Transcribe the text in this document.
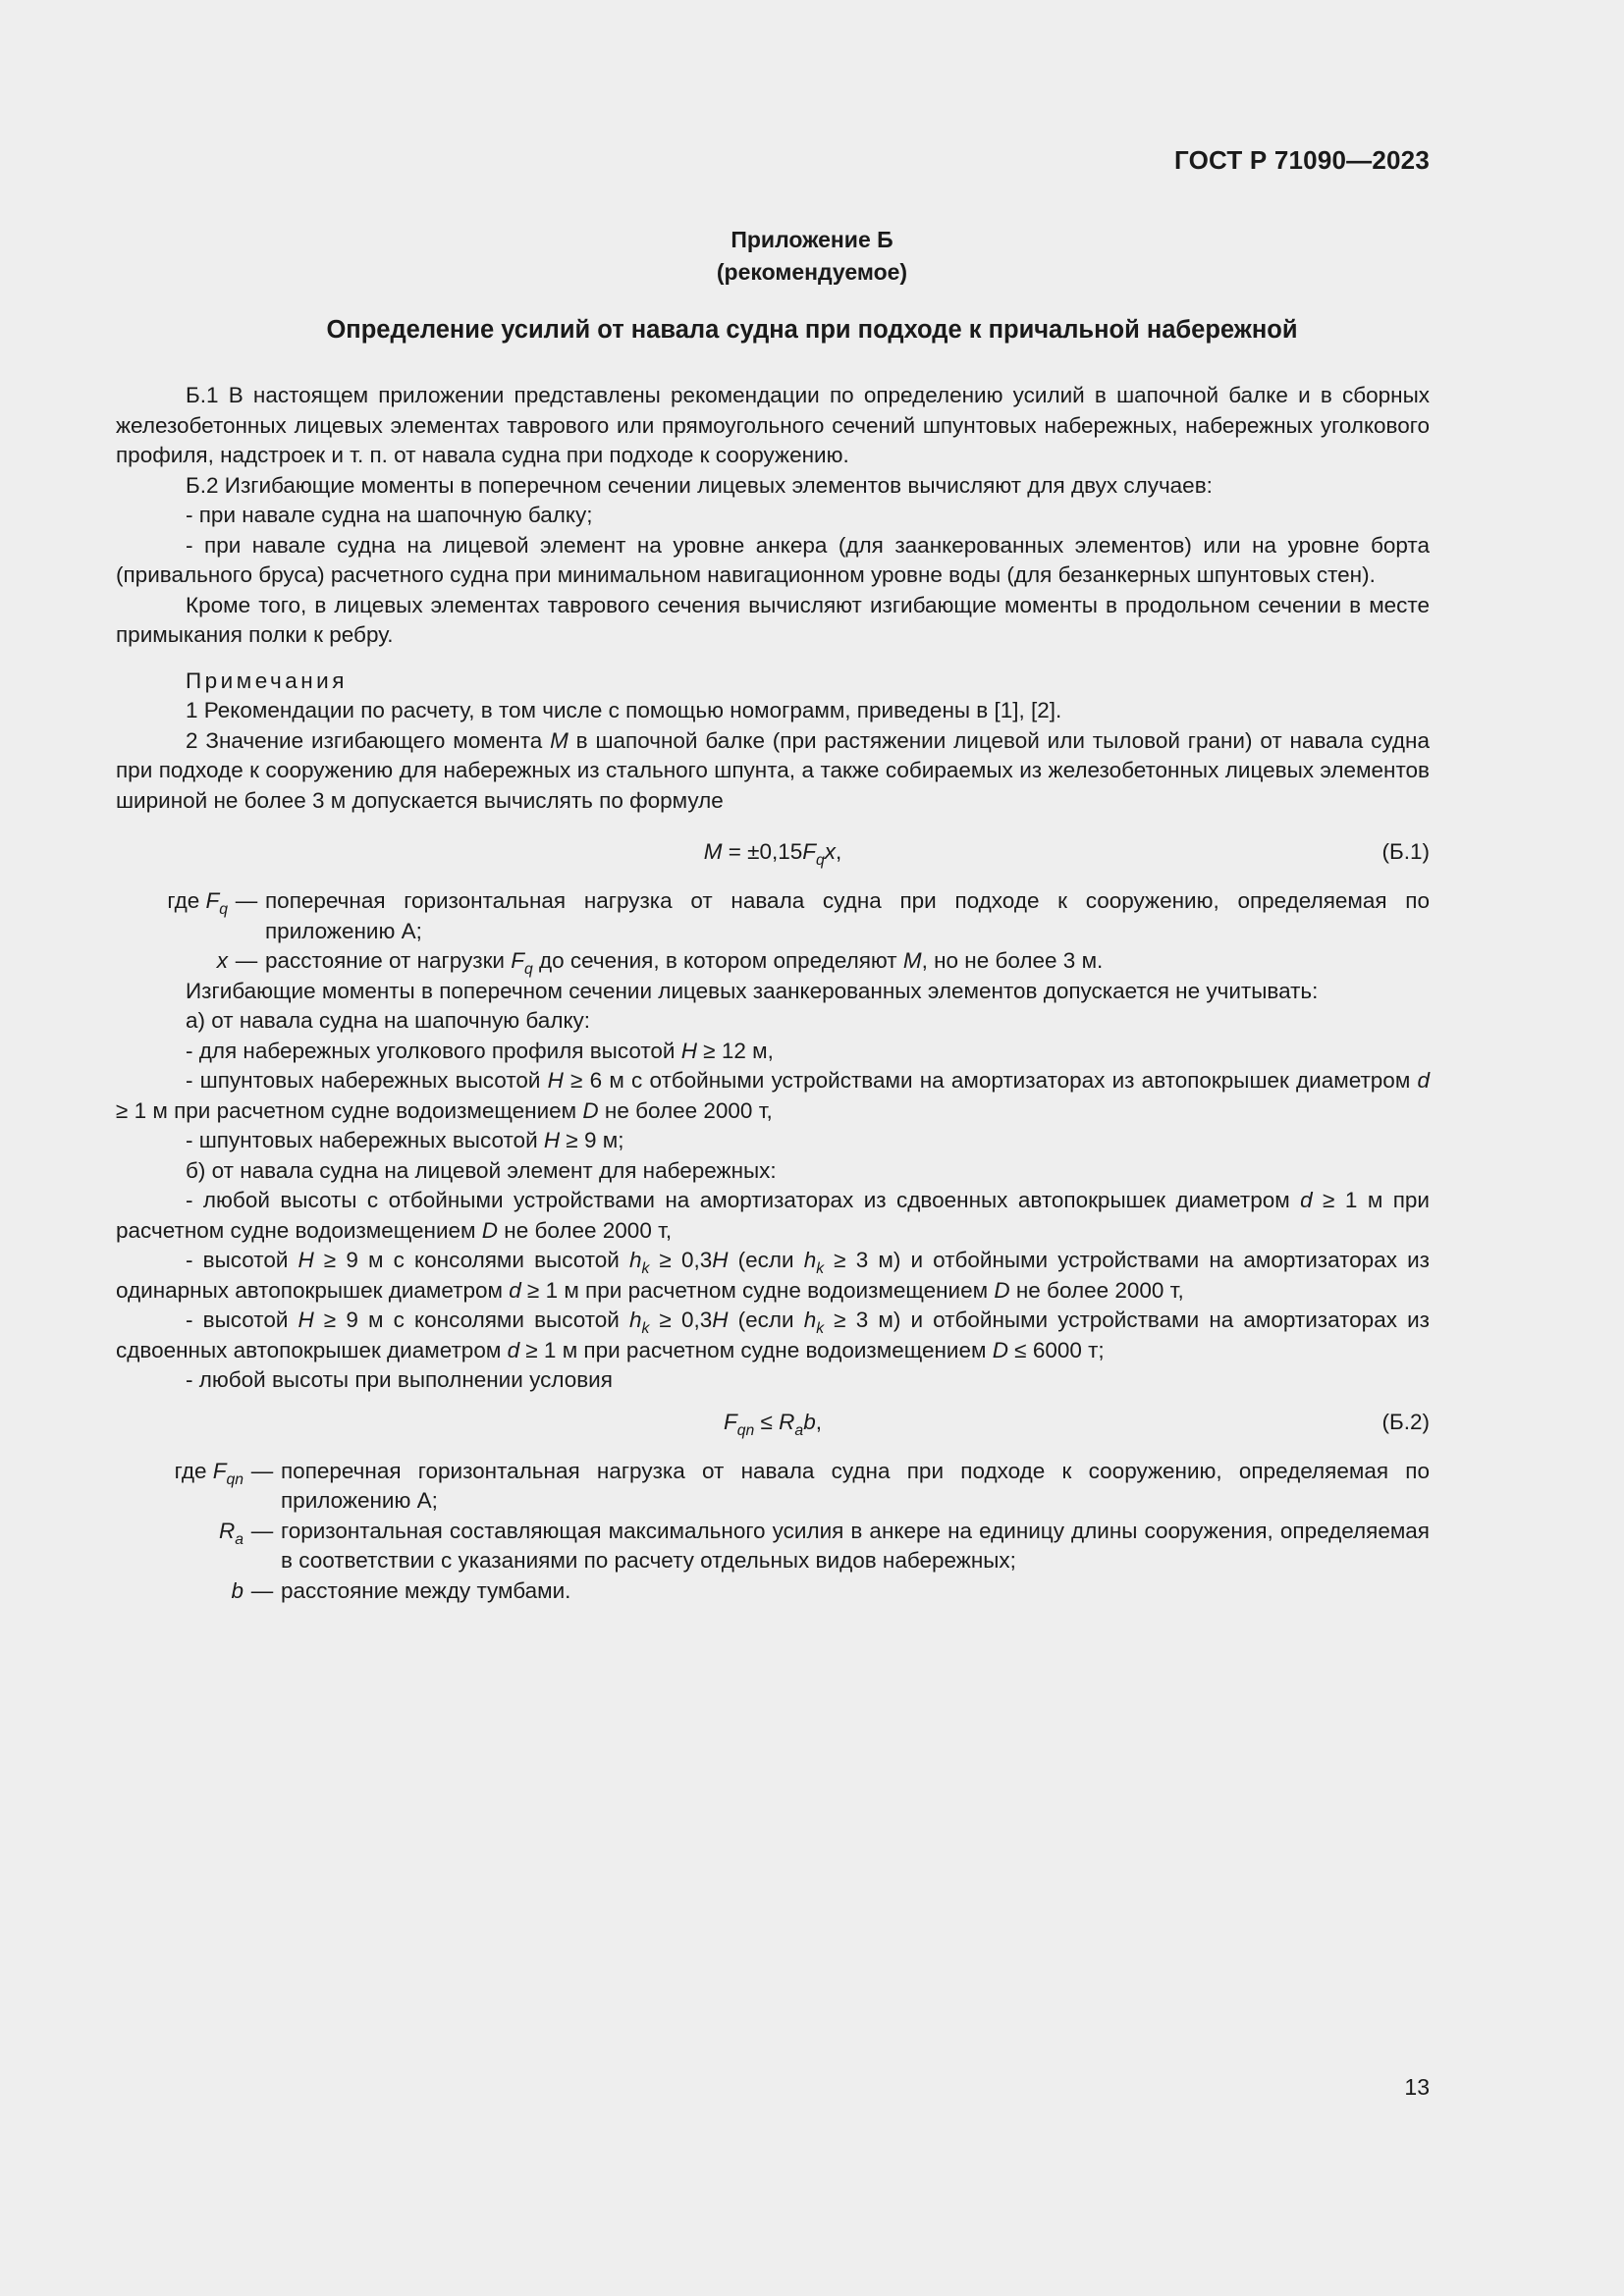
ГОСТ Р 71090—2023
Приложение Б
(рекомендуемое)
Определение усилий от навала судна при подходе к причальной набережной

Б.1 В настоящем приложении представлены рекомендации по определению усилий в шапочной балке и в сборных железобетонных лицевых элементах таврового или прямоугольного сечений шпунтовых набережных, набережных уголкового профиля, надстроек и т. п. от навала судна при подходе к сооружению.

Б.2 Изгибающие моменты в поперечном сечении лицевых элементов вычисляют для двух случаев:

- при навале судна на шапочную балку;

- при навале судна на лицевой элемент на уровне анкера (для заанкерованных элементов) или на уровне борта (привального бруса) расчетного судна при минимальном навигационном уровне воды (для безанкерных шпунтовых стен).

Кроме того, в лицевых элементах таврового сечения вычисляют изгибающие моменты в продольном сечении в месте примыкания полки к ребру.

Примечания

1 Рекомендации по расчету, в том числе с помощью номограмм, приведены в [1], [2].

2 Значение изгибающего момента M в шапочной балке (при растяжении лицевой или тыловой грани) от навала судна при подходе к сооружению для набережных из стального шпунта, а также собираемых из железобетонных лицевых элементов шириной не более 3 м допускается вычислять по формуле

$M = \pm 0,15F_qx$,	(Б.1)
где $F_q$ — поперечная горизонтальная нагрузка от навала судна при подходе к сооружению, определяемая по приложению А;
x — расстояние от нагрузки $F_q$ до сечения, в котором определяют M, но не более 3 м.

Изгибающие моменты в поперечном сечении лицевых заанкерованных элементов допускается не учитывать:

а) от навала судна на шапочную балку:

- для набережных уголкового профиля высотой H ≥ 12 м,

- шпунтовых набережных высотой H ≥ 6 м с отбойными устройствами на амортизаторах из автопокрышек диаметром d ≥ 1 м при расчетном судне водоизмещением D не более 2000 т,

- шпунтовых набережных высотой H ≥ 9 м;

б) от навала судна на лицевой элемент для набережных:

- любой высоты с отбойными устройствами на амортизаторах из сдвоенных автопокрышек диаметром d ≥ 1 м при расчетном судне водоизмещением D не более 2000 т,

- высотой H ≥ 9 м с консолями высотой $h_k \ge 0,3H$ (если $h_k \ge 3$ м) и отбойными устройствами на амортизаторах из одинарных автопокрышек диаметром d ≥ 1 м при расчетном судне водоизмещением D не более 2000 т,

- высотой H ≥ 9 м с консолями высотой $h_k \ge 0,3H$ (если $h_k \ge 3$ м) и отбойными устройствами на амортизаторах из сдвоенных автопокрышек диаметром d ≥ 1 м при расчетном судне водоизмещением D ≤ 6000 т;

- любой высоты при выполнении условия

$F_{qn} \le R_ab$,	(Б.2)
где $F_{qn}$ — поперечная горизонтальная нагрузка от навала судна при подходе к сооружению, определяемая по приложению А;
$R_a$ — горизонтальная составляющая максимального усилия в анкере на единицу длины сооружения, определяемая в соответствии с указаниями по расчету отдельных видов набережных;
b — расстояние между тумбами.
13
